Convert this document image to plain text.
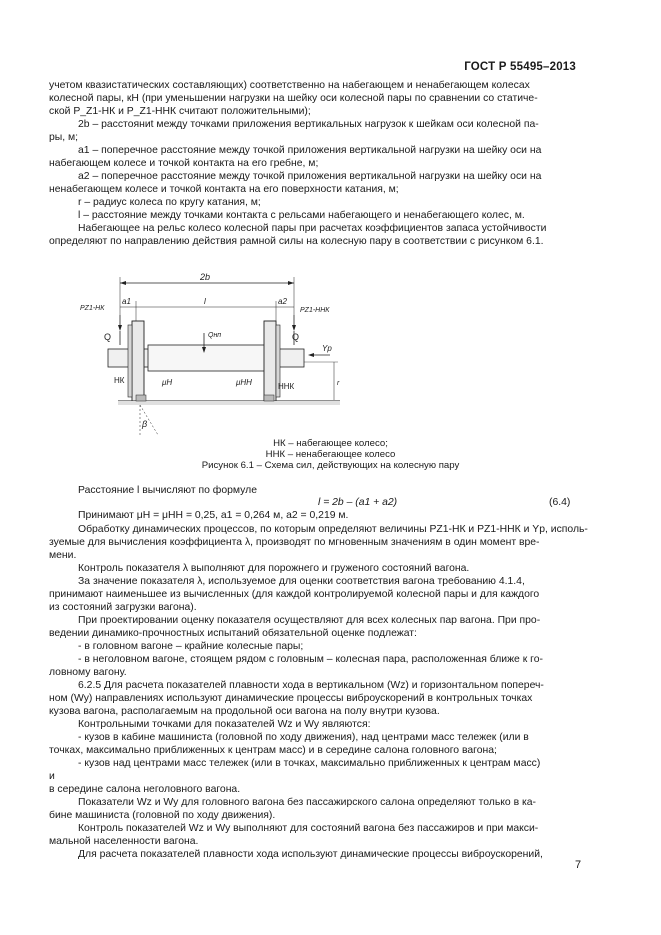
ГОСТ Р 55495–2013

учетом квазистатических составляющих) соответственно на набегающем и ненабегающем колесах

колесной пары, кН (при уменьшении нагрузки на шейку оси колесной пары по сравнении со статиче-

ской P_Z1-НК и P_Z1-ННК считают положительными);

2b – расстояниt между точками приложения вертикальных нагрузок к шейкам оси колесной па-

ры, м;

a1 – поперечное расстояние между точкой приложения вертикальной нагрузки на шейку оси на

набегающем колесе и точкой контакта на его гребне, м;

a2 – поперечное расстояние между точкой приложения вертикальной нагрузки на шейку оси на

ненабегающем колесе и точкой контакта на его поверхности катания, м;

r – радиус колеса по кругу катания, м;

l – расстояние между точками контакта с рельсами набегающего и ненабегающего колес, м.

Набегающее на рельс колесо колесной пары при расчетах коэффициентов запаса устойчивости

определяют по направлению действия рамной силы на колесную пару в соответствии с рисунком 6.1.

2b
a1	l	a2
PZ1-НК	PZ1-ННК
Q	Q
Qнп
Yр
r
НК
ННК
μН	μНН
β
НК – набегающее колесо;
ННК – ненабегающее колесо
Рисунок 6.1 – Схема сил, действующих на колесную пару
Расстояние l вычисляют по формуле
l = 2b – (a1 + a2)	(6.4)
Принимают μН = μНН = 0,25, a1 = 0,264 м, a2 = 0,219 м.

Обработку динамических процессов, по которым определяют величины PZ1-НК и PZ1-ННК и Yр, исполь-

зуемые для вычисления коэффициента λ, производят по мгновенным значениям в один момент вре-

мени.

Контроль показателя λ выполняют для порожнего и груженого состояний вагона.

За значение показателя λ, используемое для оценки соответствия вагона требованию 4.1.4,

принимают наименьшее из вычисленных (для каждой контролируемой колесной пары и для каждого

из состояний загрузки вагона).

При проектировании оценку показателя осуществляют для всех колесных пар вагона. При про-

ведении динамико-прочностных испытаний обязательной оценке подлежат:

- в головном вагоне – крайние колесные пары;

- в неголовном вагоне, стоящем рядом с головным – колесная пара, расположенная ближе к го-

ловному вагону.

6.2.5 Для расчета показателей плавности хода в вертикальном (Wz) и горизонтальном попереч-

ном (Wy) направлениях используют динамические процессы виброускорений в контрольных точках

кузова вагона, располагаемым на продольной оси вагона на полу внутри кузова.

Контрольными точками для показателей Wz и Wy являются:

- кузов в кабине машиниста (головной по ходу движения), над центрами масс тележек (или в

точках, максимально приближенных к центрам масс) и в середине салона головного вагона;

- кузов над центрами масс тележек (или в точках, максимально приближенных к центрам масс)

и

в середине салона неголовного вагона.

Показатели Wz и Wy для головного вагона без пассажирского салона определяют только в ка-

бине машиниста (головной по ходу движения).

Контроль показателей Wz и Wy выполняют для состояний вагона без пассажиров и при макси-

мальной населенности вагона.

Для расчета показателей плавности хода используют динамические процессы виброускорений,

7
